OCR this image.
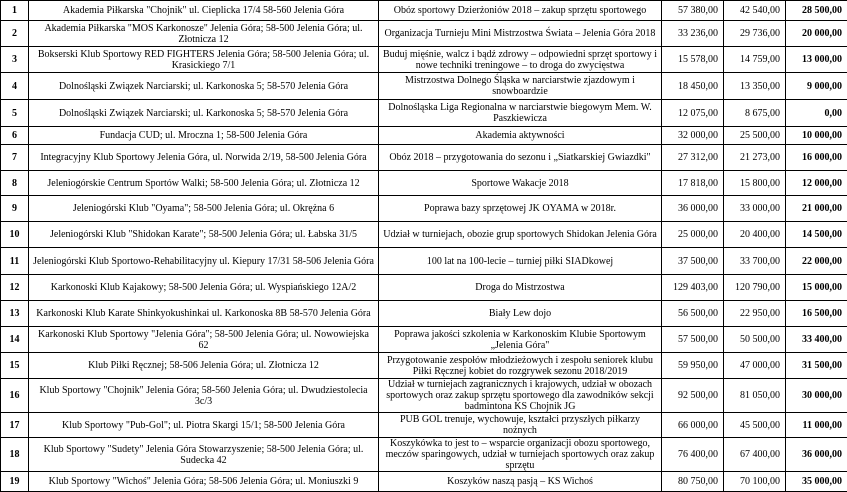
1	Akademia Piłkarska "Chojnik" ul. Cieplicka 17/4 58-560 Jelenia Góra	Obóz sportowy Dzierżoniów 2018 – zakup sprzętu sportowego	57 380,00	42 540,00	28 500,00
2	Akademia Piłkarska "MOS Karkonosze" Jelenia Góra; 58-500 Jelenia Góra; ul. Złotnicza 12	Organizacja Turnieju Mini Mistrzostwa Świata – Jelenia Góra 2018	33 236,00	29 736,00	20 000,00
3	Bokserski Klub Sportowy RED FIGHTERS Jelenia Góra; 58-500 Jelenia Góra; ul. Krasickiego 7/1	Buduj mięśnie, walcz i bądź zdrowy – odpowiedni sprzęt sportowy i nowe techniki treningowe – to droga do zwycięstwa	15 578,00	14 759,00	13 000,00
4	Dolnośląski Związek Narciarski; ul. Karkonoska 5; 58-570 Jelenia Góra	Mistrzostwa Dolnego Śląska w narciarstwie zjazdowym i snowboardzie	18 450,00	13 350,00	9 000,00
5	Dolnośląski Związek Narciarski; ul. Karkonoska 5; 58-570 Jelenia Góra	Dolnośląska Liga Regionalna w narciarstwie biegowym Mem. W. Paszkiewicza	12 075,00	8 675,00	0,00
6	Fundacja CUD; ul. Mroczna 1; 58-500 Jelenia Góra	Akademia aktywności	32 000,00	25 500,00	10 000,00
7	Integracyjny Klub Sportowy Jelenia Góra, ul. Norwida 2/19, 58-500 Jelenia Góra	Obóz 2018 – przygotowania do sezonu i „Siatkarskiej Gwiazdki"	27 312,00	21 273,00	16 000,00
8	Jeleniogórskie Centrum Sportów Walki; 58-500 Jelenia Góra; ul. Złotnicza 12	Sportowe Wakacje 2018	17 818,00	15 800,00	12 000,00
9	Jeleniogórski Klub "Oyama"; 58-500 Jelenia Góra; ul. Okrężna 6	Poprawa bazy sprzętowej JK OYAMA w 2018r.	36 000,00	33 000,00	21 000,00
10	Jeleniogórski Klub "Shidokan Karate"; 58-500 Jelenia Góra; ul. Łabska 31/5	Udział w turniejach, obozie grup sportowych Shidokan Jelenia Góra	25 000,00	20 400,00	14 500,00
11	Jeleniogórski Klub Sportowo-Rehabilitacyjny ul. Kiepury 17/31 58-506 Jelenia Góra	100 lat na 100-lecie – turniej piłki SIADkowej	37 500,00	33 700,00	22 000,00
12	Karkonoski Klub Kajakowy; 58-500 Jelenia Góra; ul. Wyspiańskiego 12A/2	Droga do Mistrzostwa	129 403,00	120 790,00	15 000,00
13	Karkonoski Klub Karate Shinkyokushinkai ul. Karkonoska 8B 58-570 Jelenia Góra	Biały Lew dojo	56 500,00	22 950,00	16 500,00
14	Karkonoski Klub Sportowy "Jelenia Góra"; 58-500 Jelenia Góra; ul. Nowowiejska 62	Poprawa jakości szkolenia w Karkonoskim Klubie Sportowym „Jelenia Góra"	57 500,00	50 500,00	33 400,00
15	Klub Piłki Ręcznej; 58-506 Jelenia Góra; ul. Złotnicza 12	Przygotowanie zespołów młodzieżowych i zespołu seniorek klubu Piłki Ręcznej kobiet do rozgrywek sezonu 2018/2019	59 950,00	47 000,00	31 500,00
16	Klub Sportowy "Chojnik" Jelenia Góra; 58-560 Jelenia Góra; ul. Dwudziestolecia 3c/3	Udział w turniejach zagranicznych i krajowych, udział w obozach sportowych oraz zakup sprzętu sportowego dla zawodników sekcji badmintona KS Chojnik JG	92 500,00	81 050,00	30 000,00
17	Klub Sportowy "Pub-Gol"; ul. Piotra Skargi 15/1; 58-500 Jelenia Góra	PUB GOL trenuje, wychowuje, kształci przyszłych piłkarzy nożnych	66 000,00	45 500,00	11 000,00
18	Klub Sportowy "Sudety" Jelenia Góra Stowarzyszenie; 58-500 Jelenia Góra; ul. Sudecka 42	Koszykówka to jest to – wsparcie organizacji obozu sportowego, meczów sparingowych, udział w turniejach sportowych oraz zakup sprzętu	76 400,00	67 400,00	36 000,00
19	Klub Sportowy "Wichoś" Jelenia Góra; 58-506 Jelenia Góra; ul. Moniuszki 9	Koszyków naszą pasją – KS Wichoś	80 750,00	70 100,00	35 000,00
